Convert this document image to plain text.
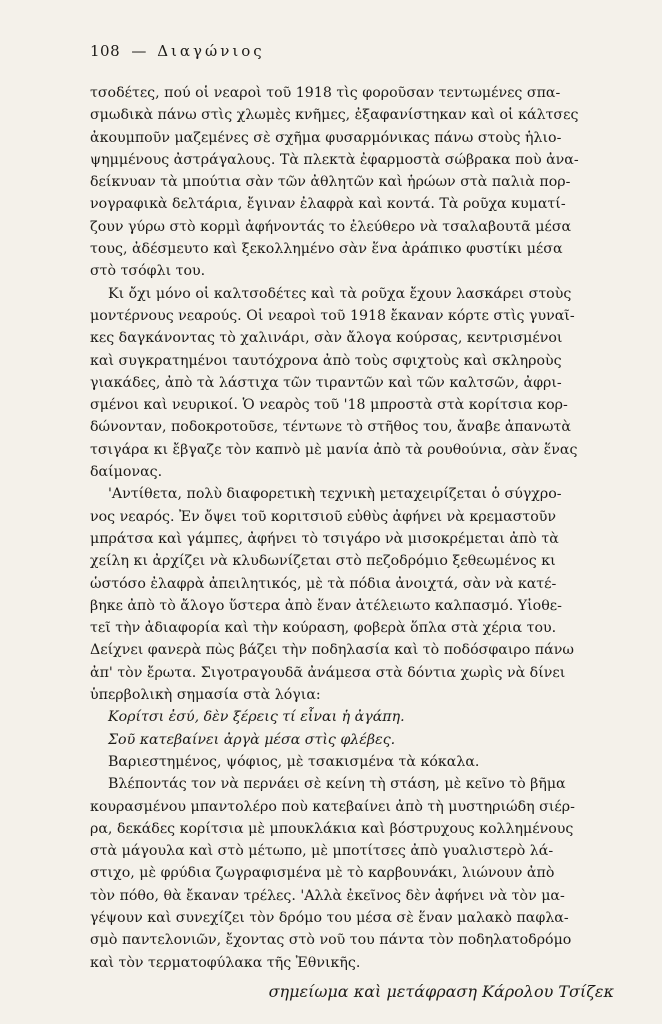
108 — Διαγώνιος
τσοδέτες, πού οἱ νεαροὶ τοῦ 1918 τὶς φοροῦσαν τεντωμένες σπα-
σμωδικὰ πάνω στὶς χλωμὲς κνῆμες, ἐξαφανίστηκαν καὶ οἱ κάλτσες
ἀκουμποῦν μαζεμένες σὲ σχῆμα φυσαρμόνικας πάνω στοὺς ἡλιο-
ψημμένους ἀστράγαλους. Τὰ πλεκτὰ ἐφαρμοστὰ σώβρακα ποὺ ἀνα-
δείκνυαν τὰ μπούτια σὰν τῶν ἀθλητῶν καὶ ἡρώων στὰ παλιὰ πορ-
νογραφικὰ δελτάρια, ἔγιναν ἐλαφρὰ καὶ κοντά. Τὰ ροῦχα κυματί-
ζουν γύρω στὸ κορμὶ ἀφήνοντάς το ἐλεύθερο νὰ τσαλαβουτᾶ μέσα
τους, ἀδέσμευτο καὶ ξεκολλημένο σὰν ἕνα ἀράπικο φυστίκι μέσα
στὸ τσόφλι του.
Κι ὄχι μόνο οἱ καλτσοδέτες καὶ τὰ ροῦχα ἔχουν λασκάρει στοὺς
μοντέρνους νεαρούς. Οἱ νεαροὶ τοῦ 1918 ἔκαναν κόρτε στὶς γυναῖ-
κες δαγκάνοντας τὸ χαλινάρι, σὰν ἄλογα κούρσας, κεντρισμένοι
καὶ συγκρατημένοι ταυτόχρονα ἀπὸ τοὺς σφιχτοὺς καὶ σκληροὺς
γιακάδες, ἀπὸ τὰ λάστιχα τῶν τιραντῶν καὶ τῶν καλτσῶν, ἀφρι-
σμένοι καὶ νευρικοί. Ὁ νεαρὸς τοῦ '18 μπροστὰ στὰ κορίτσια κορ-
δώνονταν, ποδοκροτοῦσε, τέντωνε τὸ στῆθος του, ἄναβε ἀπανωτὰ
τσιγάρα κι ἔβγαζε τὸν καπνὸ μὲ μανία ἀπὸ τὰ ρουθούνια, σὰν ἕνας
δαίμονας.
'Αντίθετα, πολὺ διαφορετικὴ τεχνικὴ μεταχειρίζεται ὁ σύγχρο-
νος νεαρός. Ἐν ὄψει τοῦ κοριτσιοῦ εὐθὺς ἀφήνει νὰ κρεμαστοῦν
μπράτσα καὶ γάμπες, ἀφήνει τὸ τσιγάρο νὰ μισοκρέμεται ἀπὸ τὰ
χείλη κι ἀρχίζει νὰ κλυδωνίζεται στὸ πεζοδρόμιο ξεθεωμένος κι
ὡστόσο ἐλαφρὰ ἀπειλητικός, μὲ τὰ πόδια ἀνοιχτά, σὰν νὰ κατέ-
βηκε ἀπὸ τὸ ἄλογο ὕστερα ἀπὸ ἕναν ἀτέλειωτο καλπασμό. Υἱοθε-
τεῖ τὴν ἀδιαφορία καὶ τὴν κούραση, φοβερὰ ὅπλα στὰ χέρια του.
Δείχνει φανερὰ πὼς βάζει τὴν ποδηλασία καὶ τὸ ποδόσφαιρο πάνω
ἀπ' τὸν ἔρωτα. Σιγοτραγουδᾶ ἀνάμεσα στὰ δόντια χωρὶς νὰ δίνει
ὑπερβολικὴ σημασία στὰ λόγια:
Κορίτσι ἐσύ, δὲν ξέρεις τί εἶναι ἡ ἀγάπη.
Σοῦ κατεβαίνει ἀργὰ μέσα στὶς φλέβες.
Βαριεστημένος, ψόφιος, μὲ τσακισμένα τὰ κόκαλα.
Βλέποντάς τον νὰ περνάει σὲ κείνη τὴ στάση, μὲ κεῖνο τὸ βῆμα
κουρασμένου μπαντολέρο ποὺ κατεβαίνει ἀπὸ τὴ μυστηριώδη σιέρ-
ρα, δεκάδες κορίτσια μὲ μπουκλάκια καὶ βόστρυχους κολλημένους
στὰ μάγουλα καὶ στὸ μέτωπο, μὲ μποτίτσες ἀπὸ γυαλιστερὸ λά-
στιχο, μὲ φρύδια ζωγραφισμένα μὲ τὸ καρβουνάκι, λιώνουν ἀπὸ
τὸν πόθο, θὰ ἔκαναν τρέλες. 'Αλλὰ ἐκεῖνος δὲν ἀφήνει νὰ τὸν μα-
γέψουν καὶ συνεχίζει τὸν δρόμο του μέσα σὲ ἕναν μαλακὸ παφλα-
σμὸ παντελονιῶν, ἔχοντας στὸ νοῦ του πάντα τὸν ποδηλατοδρόμο
καὶ τὸν τερματοφύλακα τῆς Ἐθνικῆς.
σημείωμα καὶ μετάφραση Κάρολου Τσίζεκ
